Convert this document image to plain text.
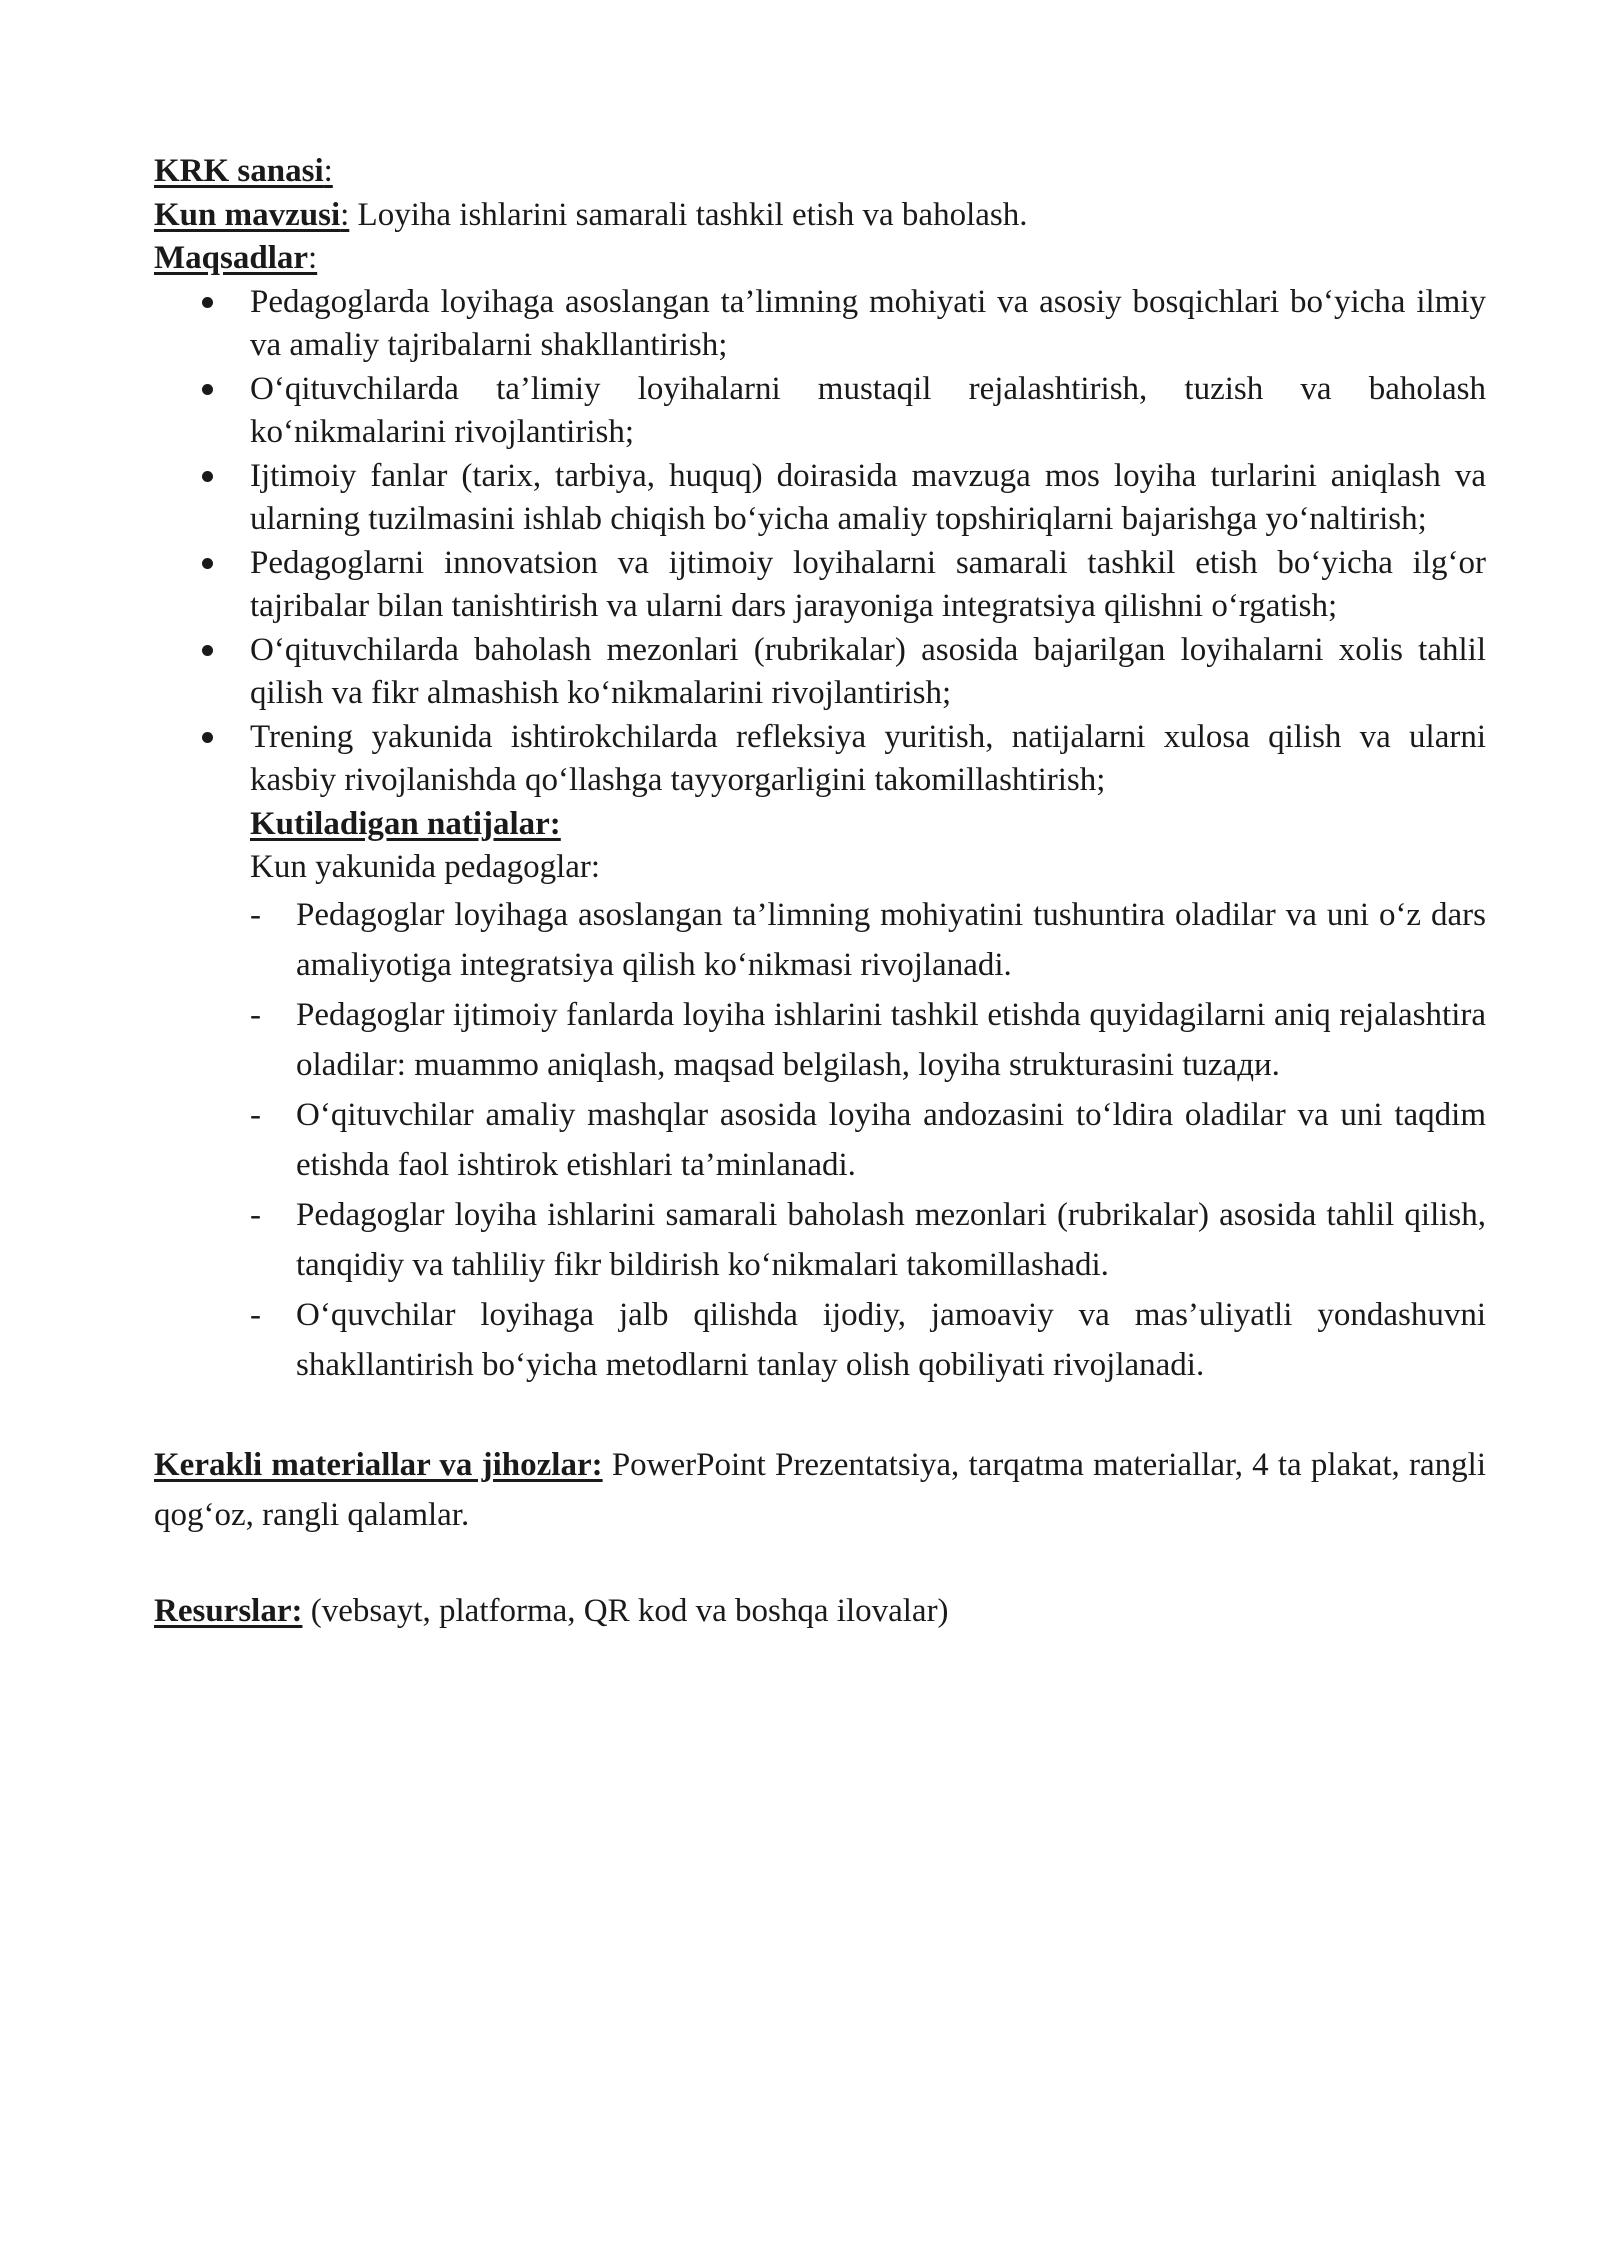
KRK sanasi:

Kun mavzusi: Loyiha ishlarini samarali tashkil etish va baholash.

Maqsadlar:

Pedagoglarda loyihaga asoslangan ta’limning mohiyati va asosiy bosqichlari bo‘yicha ilmiy va amaliy tajribalarni shakllantirish;
O‘qituvchilarda ta’limiy loyihalarni mustaqil rejalashtirish, tuzish va baholash ko‘nikmalarini rivojlantirish;
Ijtimoiy fanlar (tarix, tarbiya, huquq) doirasida mavzuga mos loyiha turlarini aniqlash va ularning tuzilmasini ishlab chiqish bo‘yicha amaliy topshiriqlarni bajarishga yo‘naltirish;
Pedagoglarni innovatsion va ijtimoiy loyihalarni samarali tashkil etish bo‘yicha ilg‘or tajribalar bilan tanishtirish va ularni dars jarayoniga integratsiya qilishni o‘rgatish;
O‘qituvchilarda baholash mezonlari (rubrikalar) asosida bajarilgan loyihalarni xolis tahlil qilish va fikr almashish ko‘nikmalarini rivojlantirish;
Trening yakunida ishtirokchilarda refleksiya yuritish, natijalarni xulosa qilish va ularni kasbiy rivojlanishda qo‘llashga tayyorgarligini takomillashtirish;

Kutiladigan natijalar:

Kun yakunida pedagoglar:

- Pedagoglar loyihaga asoslangan ta’limning mohiyatini tushuntira oladilar va uni o‘z dars amaliyotiga integratsiya qilish ko‘nikmasi rivojlanadi.
- Pedagoglar ijtimoiy fanlarda loyiha ishlarini tashkil etishda quyidagilarni aniq rejalashtira oladilar: muammo aniqlash, maqsad belgilash, loyiha strukturasini tuzади.
- O‘qituvchilar amaliy mashqlar asosida loyiha andozasini to‘ldira oladilar va uni taqdim etishda faol ishtirok etishlari ta’minlanadi.
- Pedagoglar loyiha ishlarini samarali baholash mezonlari (rubrikalar) asosida tahlil qilish, tanqidiy va tahliliy fikr bildirish ko‘nikmalari takomillashadi.
- O‘quvchilar loyihaga jalb qilishda ijodiy, jamoaviy va mas’uliyatli yondashuvni shakllantirish bo‘yicha metodlarni tanlay olish qobiliyati rivojlanadi.

Kerakli materiallar va jihozlar: PowerPoint Prezentatsiya, tarqatma materiallar, 4 ta plakat, rangli qog‘oz, rangli qalamlar.

Resurslar: (vebsayt, platforma, QR kod va boshqa ilovalar)
